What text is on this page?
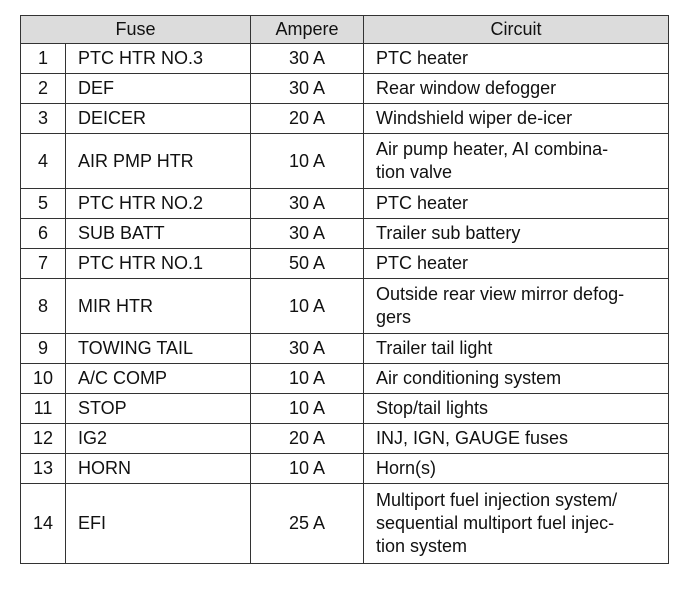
Fuse		Ampere	Circuit
1	PTC HTR NO.3	30 A	PTC heater

2	DEF	30 A	Rear window defogger

3	DEICER	20 A	Windshield wiper de-icer

4	AIR PMP HTR	10 A	Air pump heater, AI combina-
tion valve

5	PTC HTR NO.2	30 A	PTC heater

6	SUB BATT	30 A	Trailer sub battery

7	PTC HTR NO.1	50 A	PTC heater

8	MIR HTR	10 A	Outside rear view mirror defog-
gers

9	TOWING TAIL	30 A	Trailer tail light

10	A/C COMP	10 A	Air conditioning system

11	STOP	10 A	Stop/tail lights

12	IG2	20 A	INJ, IGN, GAUGE fuses

13	HORN	10 A	Horn(s)

14	EFI	25 A	Multiport fuel injection system/
sequential multiport fuel injec-
tion system
